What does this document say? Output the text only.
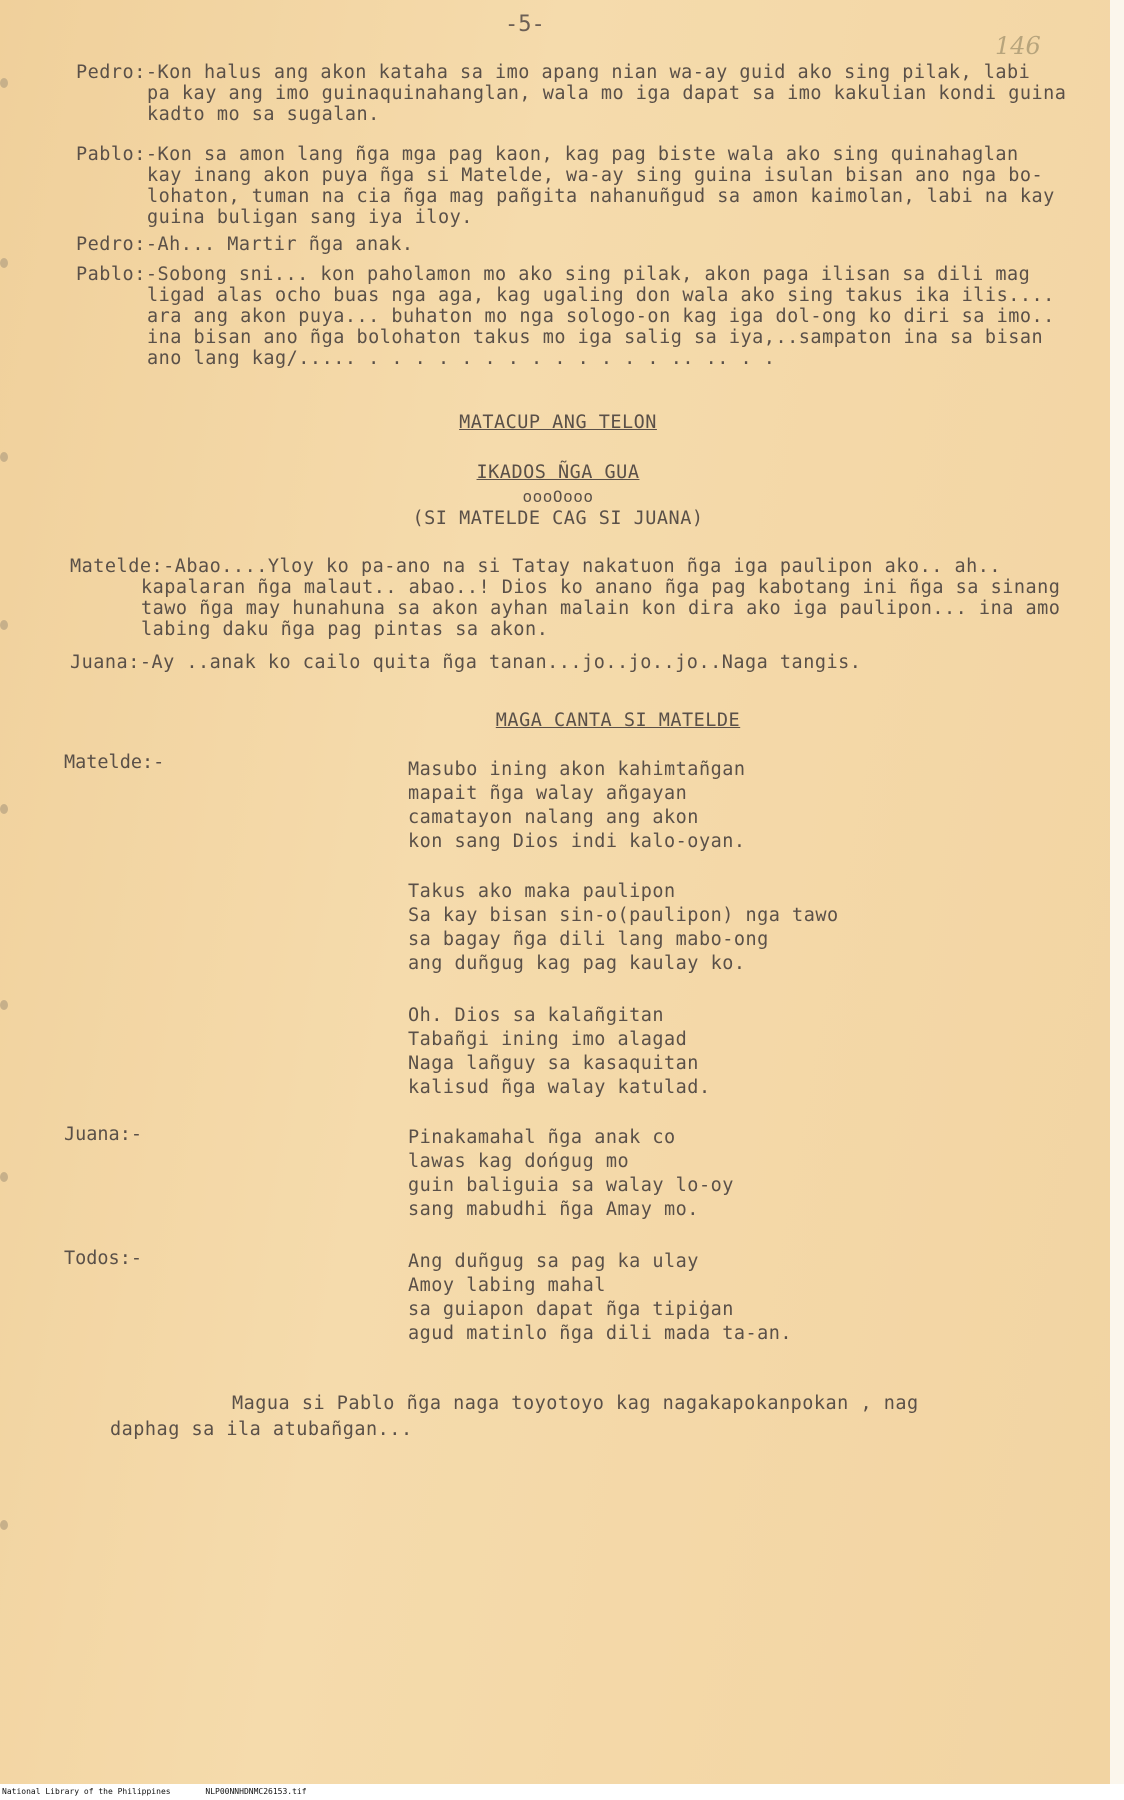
-5-
146
Pedro:-Kon halus ang akon kataha sa imo apang nian wa-ay guid ako sing pilak, labi
pa kay ang imo guinaquinahanglan, wala mo iga dapat sa imo kakulian kondi guina
kadto mo sa sugalan.
Pablo:-Kon sa amon lang ñga mga pag kaon, kag pag biste wala ako sing quinahaglan
kay inang akon puya ñga si Matelde, wa-ay sing guina isulan bisan ano nga bo-
lohaton, tuman na cia ñga mag pañgita nahanuñgud sa amon kaimolan, labi na kay
guina buligan sang iya iloy.
Pedro:-Ah... Martir ñga anak.
Pablo:-Sobong sni... kon paholamon mo ako sing pilak, akon paga ilisan sa dili mag
ligad alas ocho buas nga aga, kag ugaling don wala ako sing takus ika ilis....
ara ang akon puya... buhaton mo nga sologo-on kag iga dol-ong ko diri sa imo..
ina bisan ano ñga bolohaton takus mo iga salig sa iya,..sampaton ina sa bisan
ano lang kag/..... . . . . . . . . . . . . . .. .. . .
MATACUP ANG TELON
IKADOS ÑGA GUA
oooOooo
(SI MATELDE CAG SI JUANA)
Matelde:-Abao....Yloy ko pa-ano na si Tatay nakatuon ñga iga paulipon ako.. ah..
kapalaran ñga malaut.. abao..! Dios ko anano ñga pag kabotang ini ñga sa sinang
tawo ñga may hunahuna sa akon ayhan malain kon dira ako iga paulipon... ina amo
labing daku ñga pag pintas sa akon.
Juana:-Ay ..anak ko cailo quita ñga tanan...jo..jo..jo..Naga tangis.
MAGA CANTA SI MATELDE
Matelde:-	Masubo ining akon kahimtañgan
mapait ñga walay añgayan
camatayon nalang ang akon
kon sang Dios indi kalo-oyan.
Takus ako maka paulipon
Sa kay bisan sin-o(paulipon) nga tawo
sa bagay ñga dili lang mabo-ong
ang duñgug kag pag kaulay ko.
Oh. Dios sa kalañgitan
Tabañgi ining imo alagad
Naga lañguy sa kasaquitan
kalisud ñga walay katulad.
Juana:-	Pinakamahal ñga anak co
lawas kag dońgug mo
guin baliguia sa walay lo-oy
sang mabudhi ñga Amay mo.
Todos:-	Ang duñgug sa pag ka ulay
Amoy labing mahal
sa guiapon dapat ñga tipiġan
agud matinlo ñga dili mada ta-an.
Magua si Pablo ñga naga toyotoyo kag nagakapokanpokan , nag
daphag sa ila atubañgan...
National Library of the Philippines	NLP00NNHDNMC26153.tif
